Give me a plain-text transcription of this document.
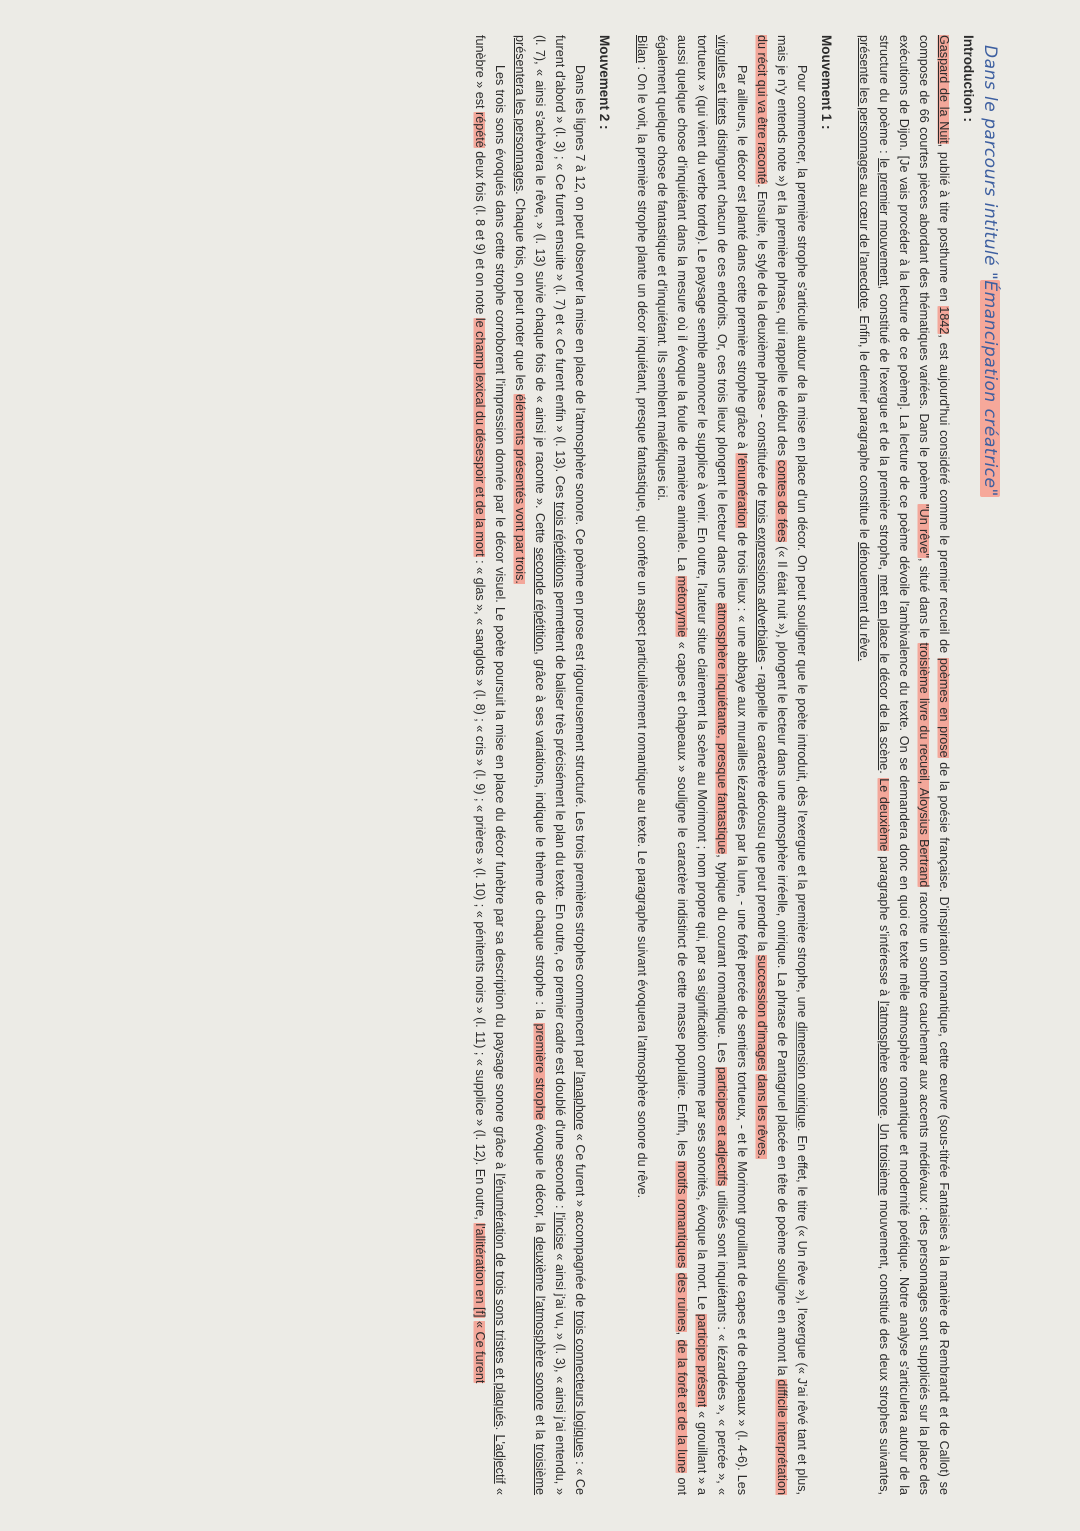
Dans le parcours intitulé "Émancipation créatrice"
Introduction :

Gaspard de la Nuit, publié à titre posthume en 1842, est aujourd'hui considéré comme le premier recueil de poèmes en prose de la poésie française. D'inspiration romantique, cette œuvre (sous-titrée Fantaisies à la manière de Rembrandt et de Callot) se compose de 66 courtes pièces abordant des thématiques variées. Dans le poème "Un rêve", situé dans le troisième livre du recueil, Aloysius Bertrand raconte un sombre cauchemar aux accents médiévaux : des personnages sont suppliciés sur la place des exécutions de Dijon. [Je vais procéder à la lecture de ce poème]. La lecture de ce poème dévoile l'ambivalence du texte. On se demandera donc en quoi ce texte mêle atmosphère romantique et modernité poétique. Notre analyse s'articulera autour de la structure du poème : le premier mouvement, constitué de l'exergue et de la première strophe, met en place le décor de la scène. Le deuxième paragraphe s'intéresse à l'atmosphère sonore. Un troisième mouvement, constitué des deux strophes suivantes, présente les personnages au cœur de l'anecdote. Enfin, le dernier paragraphe constitue le dénouement du rêve.

Mouvement 1 :

Pour commencer, la première strophe s'articule autour de la mise en place d'un décor. On peut souligner que le poète introduit, dès l'exergue et la première strophe, une dimension onirique. En effet, le titre (« Un rêve »), l'exergue (« J'ai rêvé tant et plus, mais je n'y entends note ») et la première phrase, qui rappelle le début des contes de fées (« Il était nuit »), plongent le lecteur dans une atmosphère irréelle, onirique. La phrase de Pantagruel placée en tête de poème souligne en amont la difficile interprétation du récit qui va être raconté. Ensuite, le style de la deuxième phrase - constituée de trois expressions adverbiales - rappelle le caractère décousu que peut prendre la succession d'images dans les rêves.

Par ailleurs, le décor est planté dans cette première strophe grâce à l'énumération de trois lieux : « une abbaye aux murailles lézardées par la lune, - une forêt percée de sentiers tortueux, - et le Morimont grouillant de capes et de chapeaux » (l. 4-6). Les virgules et tirets distinguent chacun de ces endroits. Or, ces trois lieux plongent le lecteur dans une atmosphère inquiétante, presque fantastique, typique du courant romantique. Les participes et adjectifs utilisés sont inquiétants : « lézardées », « percée », « tortueux » (qui vient du verbe tordre). Le paysage semble annoncer le supplice à venir. En outre, l'auteur situe clairement la scène au Morimont ; nom propre qui, par sa signification comme par ses sonorités, évoque la mort. Le participe présent « grouillant » a aussi quelque chose d'inquiétant dans la mesure où il évoque la foule de manière animale. La métonymie « capes et chapeaux » souligne le caractère indistinct de cette masse populaire. Enfin, les motifs romantiques des ruines, de la forêt et de la lune ont également quelque chose de fantastique et d'inquiétant. Ils semblent maléfiques ici.

Bilan : On le voit, la première strophe plante un décor inquiétant, presque fantastique, qui confère un aspect particulièrement romantique au texte. Le paragraphe suivant évoquera l'atmosphère sonore du rêve.

Mouvement 2 :

Dans les lignes 7 à 12, on peut observer la mise en place de l'atmosphère sonore. Ce poème en prose est rigoureusement structuré. Les trois premières strophes commencent par l'anaphore « Ce furent » accompagnée de trois connecteurs logiques : « Ce furent d'abord » (l. 3) ; « Ce furent ensuite » (l. 7) et « Ce furent enfin » (l. 13). Ces trois répétitions permettent de baliser très précisément le plan du texte. En outre, ce premier cadre est doublé d'une seconde : l'incise « ainsi j'ai vu, » (l. 3), « ainsi j'ai entendu, » (l. 7), « ainsi s'achèvera le rêve, » (l. 13) suivie chaque fois de « ainsi je raconte ». Cette seconde répétition, grâce à ses variations, indique le thème de chaque strophe : la première strophe évoque le décor, la deuxième l'atmosphère sonore et la troisième présentera les personnages. Chaque fois, on peut noter que les éléments présentés vont par trois.

Les trois sons évoqués dans cette strophe corroborent l'impression donnée par le décor visuel. Le poète poursuit la mise en place du décor funèbre par sa description du paysage sonore grâce à l'énumération de trois sons tristes et plaqués. L'adjectif « funèbre » est répété deux fois (l. 8 et 9) et on note le champ lexical du désespoir et de la mort : « glas », « sanglots » (l. 8) ; « cris » (l. 9) ; « prières » (l. 10) ; « pénitents noirs » (l. 11) ; « supplice » (l. 12). En outre, l'allitération en [f] « Ce furent
